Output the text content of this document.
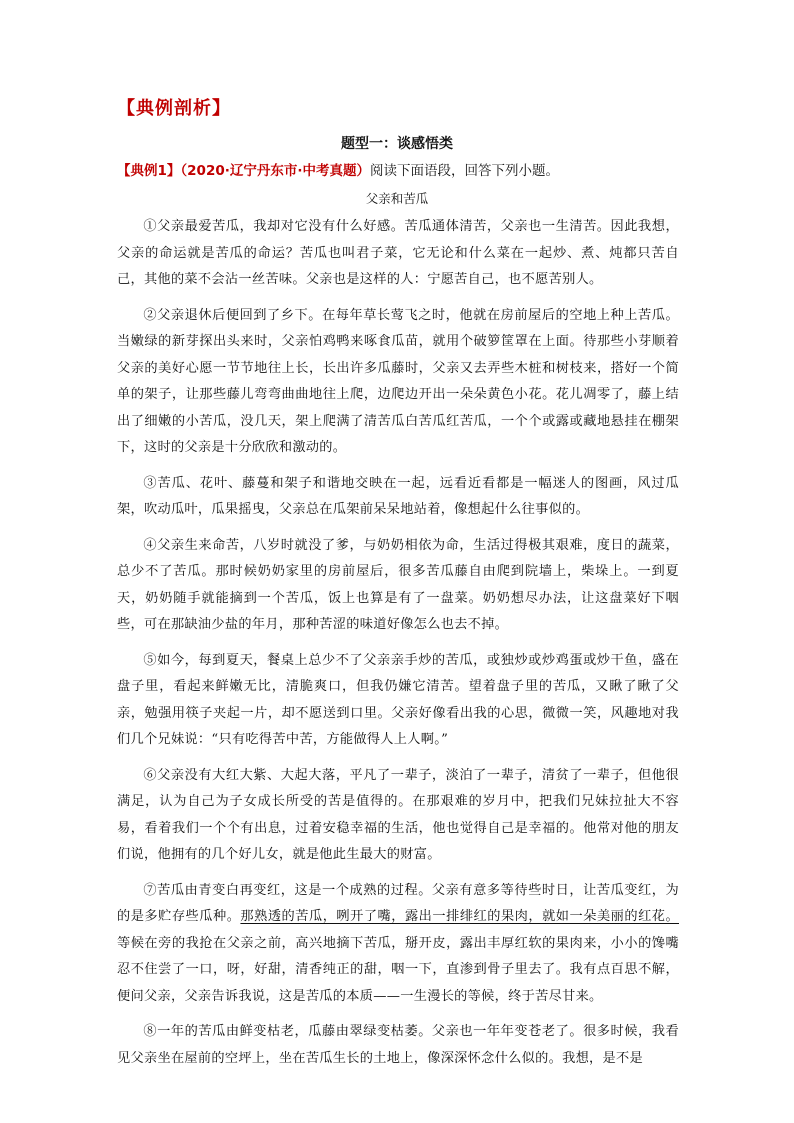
【典例剖析】
题型一：谈感悟类
【典例1】（2020·辽宁丹东市·中考真题）阅读下面语段，回答下列小题。
父亲和苦瓜

①父亲最爱苦瓜，我却对它没有什么好感。苦瓜通体清苦，父亲也一生清苦。因此我想，父亲的命运就是苦瓜的命运？苦瓜也叫君子菜，它无论和什么菜在一起炒、煮、炖都只苦自己，其他的菜不会沾一丝苦味。父亲也是这样的人：宁愿苦自己，也不愿苦别人。

②父亲退休后便回到了乡下。在每年草长莺飞之时，他就在房前屋后的空地上种上苦瓜。当嫩绿的新芽探出头来时，父亲怕鸡鸭来啄食瓜苗，就用个破箩筐罩在上面。待那些小芽顺着父亲的美好心愿一节节地往上长，长出许多瓜藤时，父亲又去弄些木桩和树枝来，搭好一个简单的架子，让那些藤儿弯弯曲曲地往上爬，边爬边开出一朵朵黄色小花。花儿凋零了，藤上结出了细嫩的小苦瓜，没几天，架上爬满了清苦瓜白苦瓜红苦瓜，一个个或露或藏地悬挂在棚架下，这时的父亲是十分欣欣和激动的。

③苦瓜、花叶、藤蔓和架子和谐地交映在一起，远看近看都是一幅迷人的图画，风过瓜架，吹动瓜叶，瓜果摇曳，父亲总在瓜架前呆呆地站着，像想起什么往事似的。

④父亲生来命苦，八岁时就没了爹，与奶奶相依为命，生活过得极其艰难，度日的蔬菜，总少不了苦瓜。那时候奶奶家里的房前屋后，很多苦瓜藤自由爬到院墙上，柴垛上。一到夏天，奶奶随手就能摘到一个苦瓜，饭上也算是有了一盘菜。奶奶想尽办法，让这盘菜好下咽些，可在那缺油少盐的年月，那种苦涩的味道好像怎么也去不掉。

⑤如今，每到夏天，餐桌上总少不了父亲亲手炒的苦瓜，或独炒或炒鸡蛋或炒干鱼，盛在盘子里，看起来鲜嫩无比，清脆爽口，但我仍嫌它清苦。望着盘子里的苦瓜，又瞅了瞅了父亲，勉强用筷子夹起一片，却不愿送到口里。父亲好像看出我的心思，微微一笑，风趣地对我们几个兄妹说：“只有吃得苦中苦，方能做得人上人啊。”

⑥父亲没有大红大紫、大起大落，平凡了一辈子，淡泊了一辈子，清贫了一辈子，但他很满足，认为自己为子女成长所受的苦是值得的。在那艰难的岁月中，把我们兄妹拉扯大不容易，看着我们一个个有出息，过着安稳幸福的生活，他也觉得自己是幸福的。他常对他的朋友们说，他拥有的几个好儿女，就是他此生最大的财富。

⑦苦瓜由青变白再变红，这是一个成熟的过程。父亲有意多等待些时日，让苦瓜变红，为的是多贮存些瓜种。那熟透的苦瓜，咧开了嘴，露出一排绯红的果肉，就如一朵美丽的红花。等候在旁的我抢在父亲之前，高兴地摘下苦瓜，掰开皮，露出丰厚红软的果肉来，小小的馋嘴忍不住尝了一口，呀，好甜，清香纯正的甜，咽一下，直渗到骨子里去了。我有点百思不解，便问父亲，父亲告诉我说，这是苦瓜的本质——一生漫长的等候，终于苦尽甘来。

⑧一年的苦瓜由鲜变枯老，瓜藤由翠绿变枯萎。父亲也一年年变苍老了。很多时候，我看见父亲坐在屋前的空坪上，坐在苦瓜生长的土地上，像深深怀念什么似的。我想，是不是
